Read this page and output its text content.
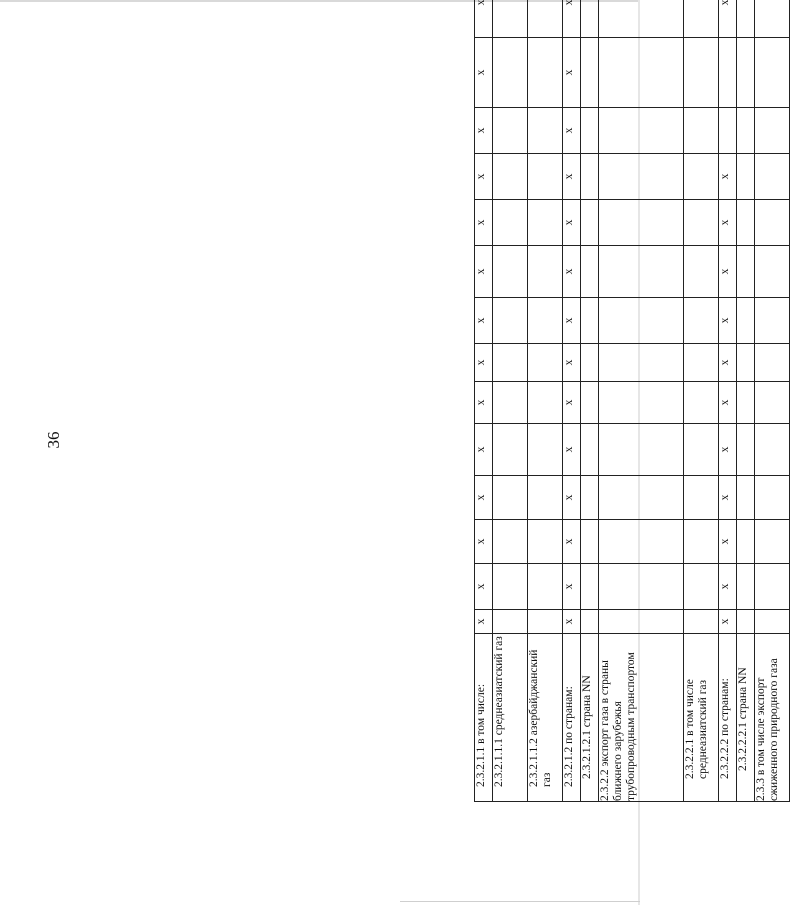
36
2.3.2.1.1 в том числе:	x	x	x	x	x	x	x	x	x	x	x	x	x	x
2.3.2.1.1.1 среднеазиатский газ														
2.3.2.1.1.2 азербайджанский газ														
2.3.2.1.2 по странам:	x	x	x	x	x	x	x	x	x	x	x	x	x	x
2.3.2.1.2.1 страна NN														
2.3.2.2 экспорт газа в страны ближнего зарубежья трубопроводным транспортом														
2.3.2.2.1 в том числе среднеазиатский газ														
2.3.2.2.2 по странам:	x	x	x	x	x	x	x	x	x	x	x			x
2.3.2.2.2.1 страна NN														
2.3.3 в том числе экспорт сжиженного природного газа														
